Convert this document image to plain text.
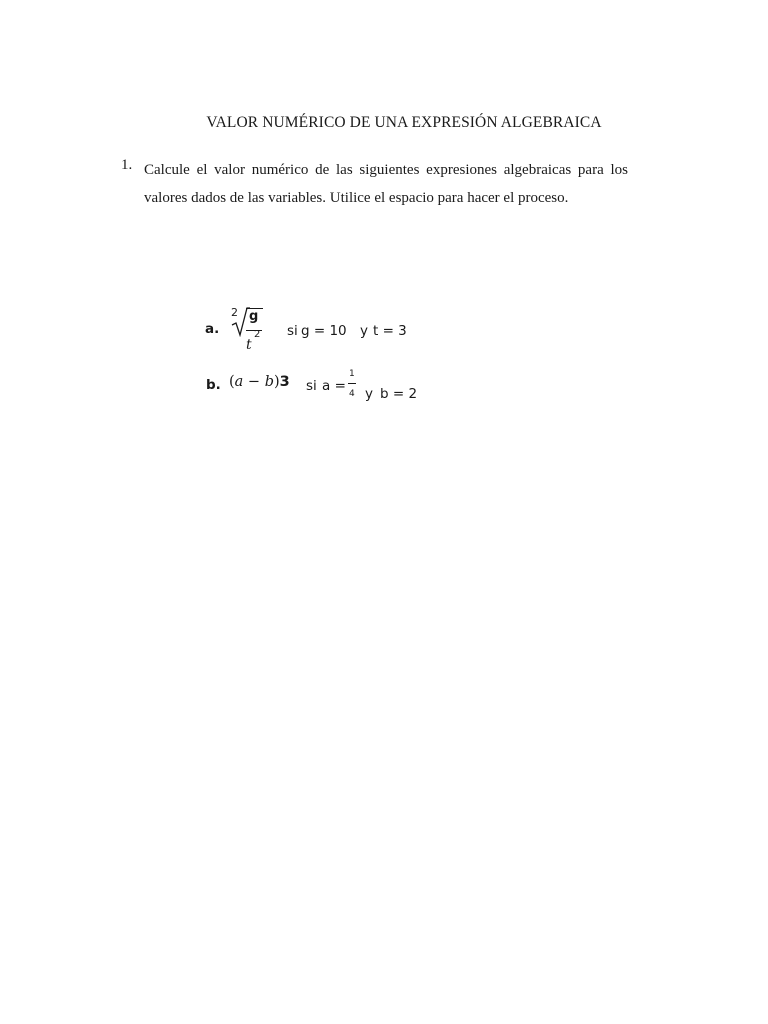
VALOR NUMÉRICO DE UNA EXPRESIÓN ALGEBRAICA
1. Calcule el valor numérico de las siguientes expresiones algebraicas para los valores dados de las variables. Utilice el espacio para hacer el proceso.
a.
2 g
t
2 si g = 10 y t = 3
b. (a − b)3 si a =
1
4 y b = 2
